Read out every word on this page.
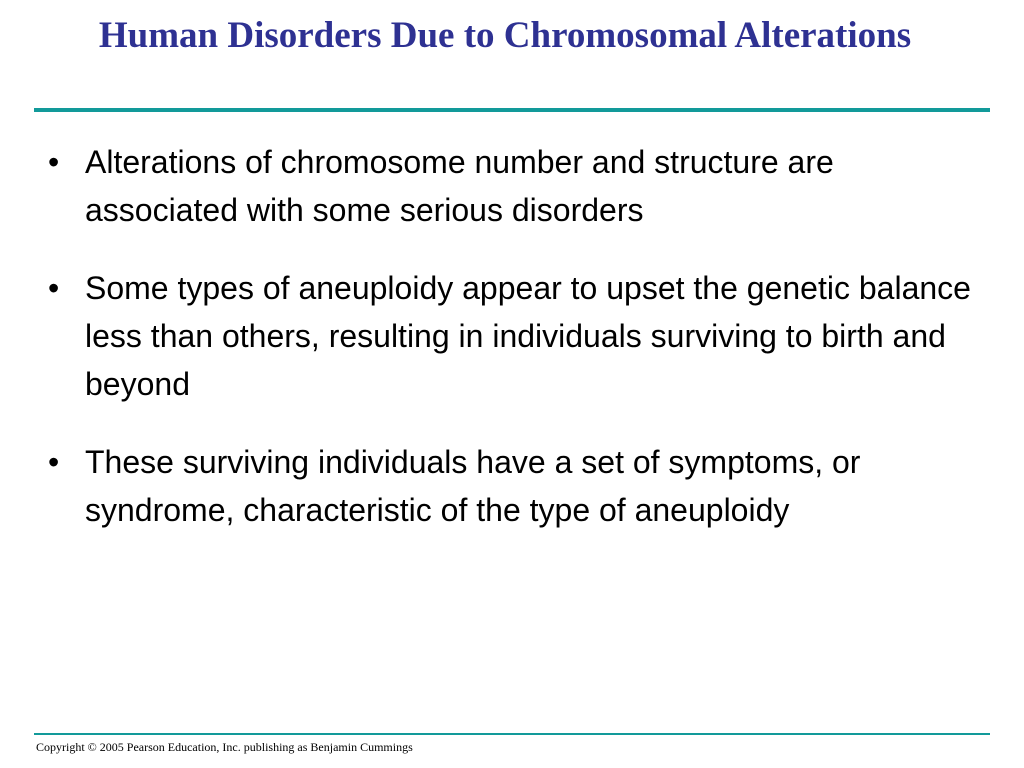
Human Disorders Due to Chromosomal Alterations
• Alterations of chromosome number and structure are associated with some serious disorders
• Some types of aneuploidy appear to upset the genetic balance less than others, resulting in individuals surviving to birth and beyond
• These surviving individuals have a set of symptoms, or syndrome, characteristic of the type of aneuploidy
Copyright © 2005 Pearson Education, Inc. publishing as Benjamin Cummings
